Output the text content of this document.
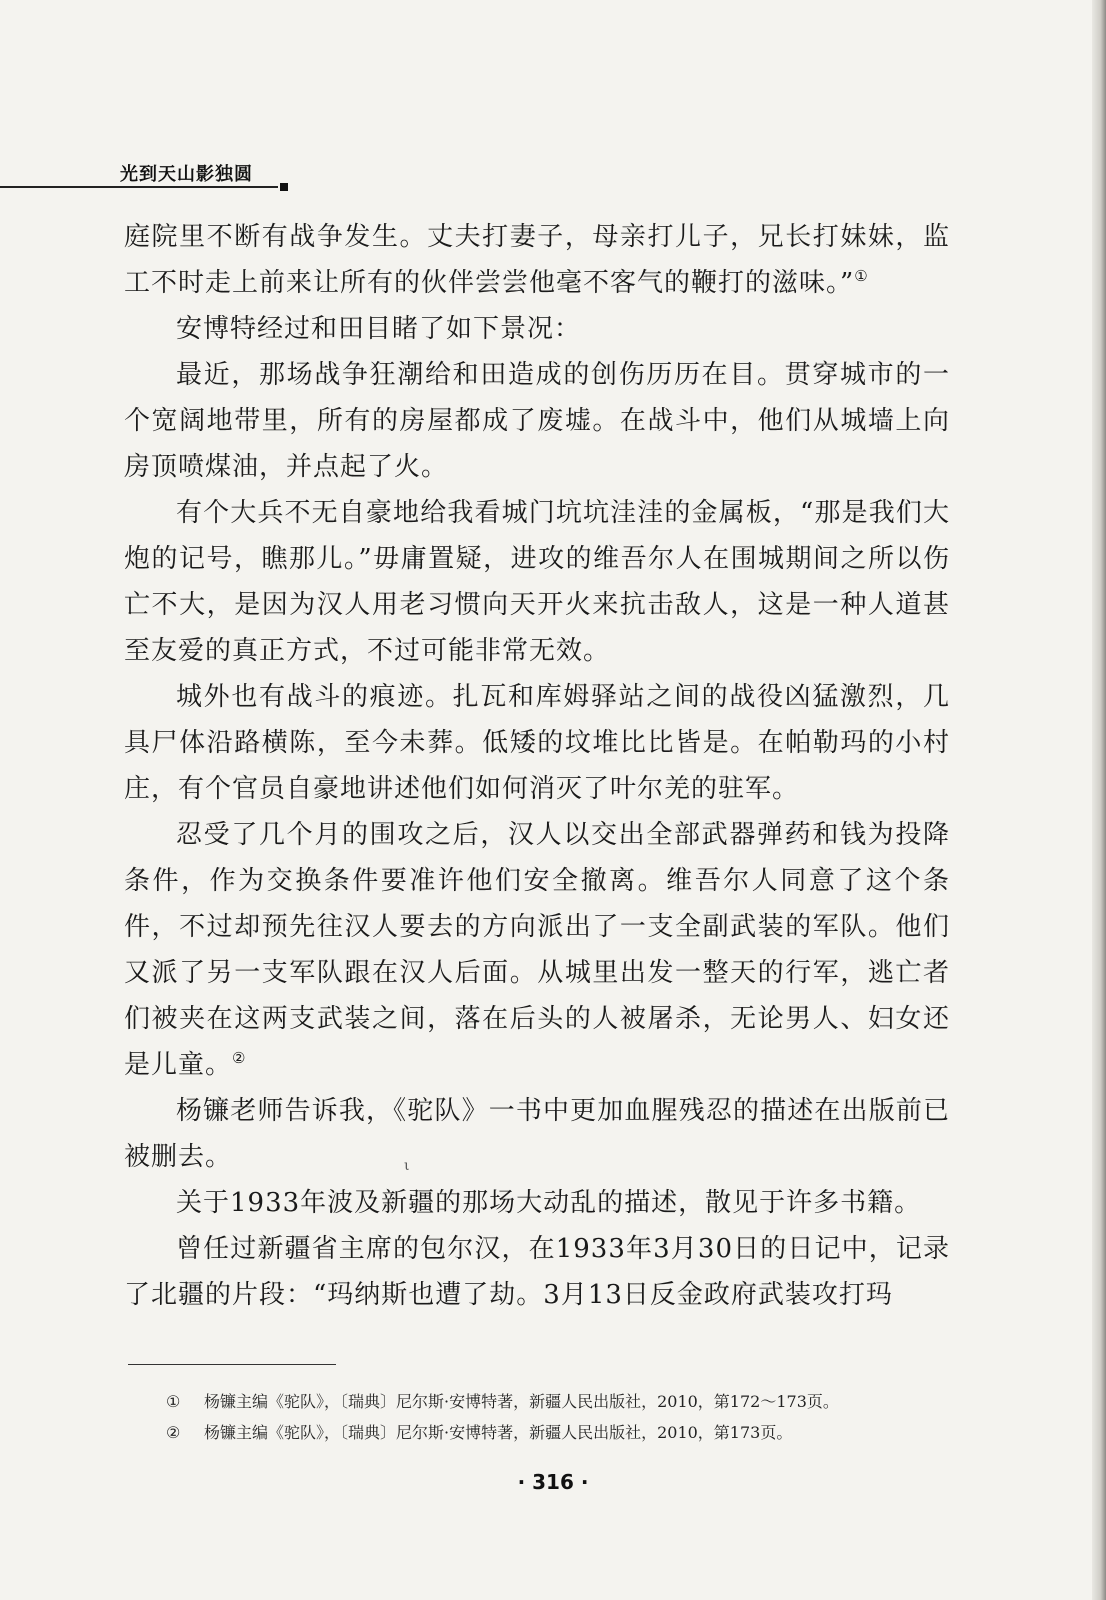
光到天山影独圆

庭院里不断有战争发生。丈夫打妻子，母亲打儿子，兄长打妹妹，监工不时走上前来让所有的伙伴尝尝他毫不客气的鞭打的滋味。”①

安博特经过和田目睹了如下景况：

最近，那场战争狂潮给和田造成的创伤历历在目。贯穿城市的一个宽阔地带里，所有的房屋都成了废墟。在战斗中，他们从城墙上向房顶喷煤油，并点起了火。

有个大兵不无自豪地给我看城门坑坑洼洼的金属板，“那是我们大炮的记号，瞧那儿。”毋庸置疑，进攻的维吾尔人在围城期间之所以伤亡不大，是因为汉人用老习惯向天开火来抗击敌人，这是一种人道甚至友爱的真正方式，不过可能非常无效。

城外也有战斗的痕迹。扎瓦和库姆驿站之间的战役凶猛激烈，几具尸体沿路横陈，至今未葬。低矮的坟堆比比皆是。在帕勒玛的小村庄，有个官员自豪地讲述他们如何消灭了叶尔羌的驻军。

忍受了几个月的围攻之后，汉人以交出全部武器弹药和钱为投降条件，作为交换条件要准许他们安全撤离。维吾尔人同意了这个条件，不过却预先往汉人要去的方向派出了一支全副武装的军队。他们又派了另一支军队跟在汉人后面。从城里出发一整天的行军，逃亡者们被夹在这两支武装之间，落在后头的人被屠杀，无论男人、妇女还是儿童。②

杨镰老师告诉我，《驼队》一书中更加血腥残忍的描述在出版前已被删去。

关于1933年波及新疆的那场大动乱的描述，散见于许多书籍。

曾任过新疆省主席的包尔汉，在1933年3月30日的日记中，记录了北疆的片段：“玛纳斯也遭了劫。3月13日反金政府武装攻打玛

ι
①	杨镰主编《驼队》，〔瑞典〕尼尔斯·安博特著，新疆人民出版社，2010，第172～173页。
②	杨镰主编《驼队》，〔瑞典〕尼尔斯·安博特著，新疆人民出版社，2010，第173页。
· 316 ·
